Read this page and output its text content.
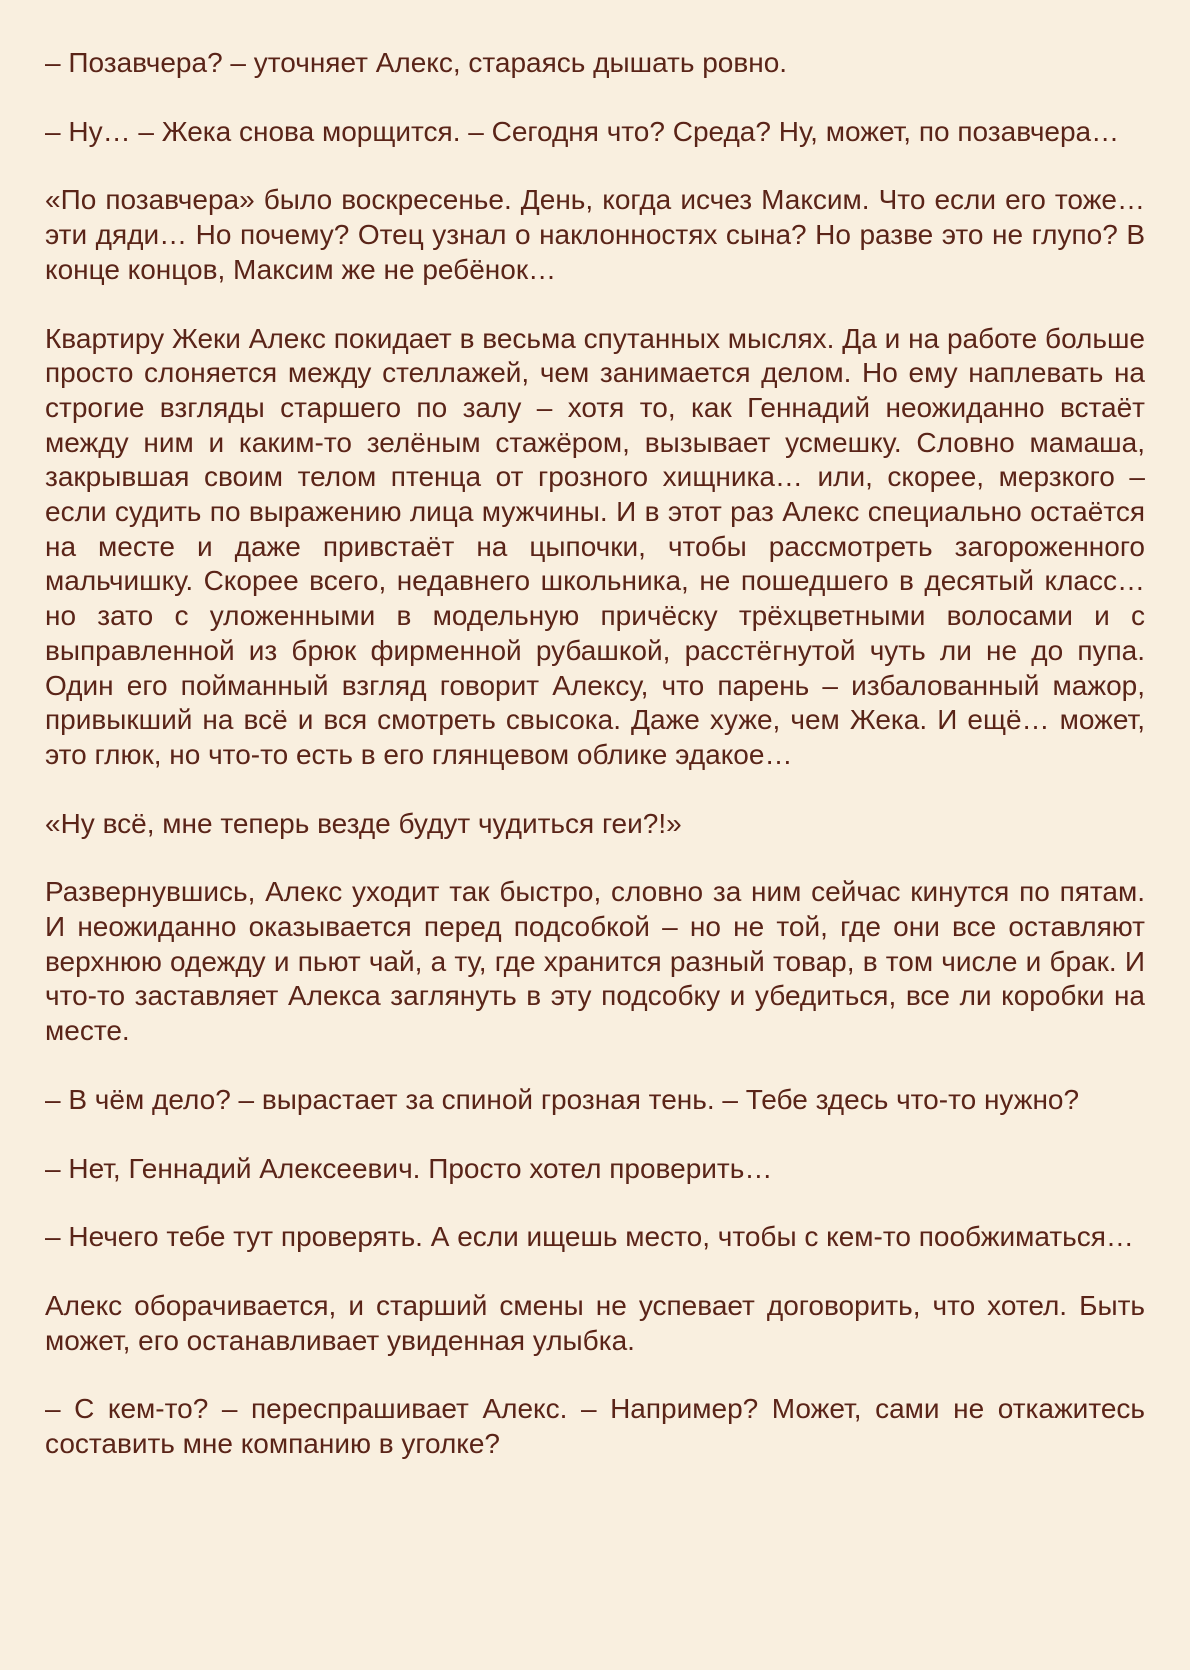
– Позавчера? – уточняет Алекс, стараясь дышать ровно.

– Ну… – Жека снова морщится. – Сегодня что? Среда? Ну, может, по позавчера…

«По позавчера» было воскресенье. День, когда исчез Максим. Что если его тоже… эти дяди… Но почему? Отец узнал о наклонностях сына? Но разве это не глупо? В конце концов, Максим же не ребёнок…

Квартиру Жеки Алекс покидает в весьма спутанных мыслях. Да и на работе больше просто слоняется между стеллажей, чем занимается делом. Но ему наплевать на строгие взгляды старшего по залу – хотя то, как Геннадий неожиданно встаёт между ним и каким-то зелёным стажёром, вызывает усмешку. Словно мамаша, закрывшая своим телом птенца от грозного хищника… или, скорее, мерзкого – если судить по выражению лица мужчины. И в этот раз Алекс специально остаётся на месте и даже привстаёт на цыпочки, чтобы рассмотреть загороженного мальчишку. Скорее всего, недавнего школьника, не пошедшего в десятый класс… но зато с уложенными в модельную причёску трёхцветными волосами и с выправленной из брюк фирменной рубашкой, расстёгнутой чуть ли не до пупа. Один его пойманный взгляд говорит Алексу, что парень – избалованный мажор, привыкший на всё и вся смотреть свысока. Даже хуже, чем Жека. И ещё… может, это глюк, но что-то есть в его глянцевом облике эдакое…

«Ну всё, мне теперь везде будут чудиться геи?!»

Развернувшись, Алекс уходит так быстро, словно за ним сейчас кинутся по пятам. И неожиданно оказывается перед подсобкой – но не той, где они все оставляют верхнюю одежду и пьют чай, а ту, где хранится разный товар, в том числе и брак. И что-то заставляет Алекса заглянуть в эту подсобку и убедиться, все ли коробки на месте.

– В чём дело? – вырастает за спиной грозная тень. – Тебе здесь что-то нужно?

– Нет, Геннадий Алексеевич. Просто хотел проверить…

– Нечего тебе тут проверять. А если ищешь место, чтобы с кем-то пообжиматься…

Алекс оборачивается, и старший смены не успевает договорить, что хотел. Быть может, его останавливает увиденная улыбка.

– С кем-то? – переспрашивает Алекс. – Например? Может, сами не откажитесь составить мне компанию в уголке?
